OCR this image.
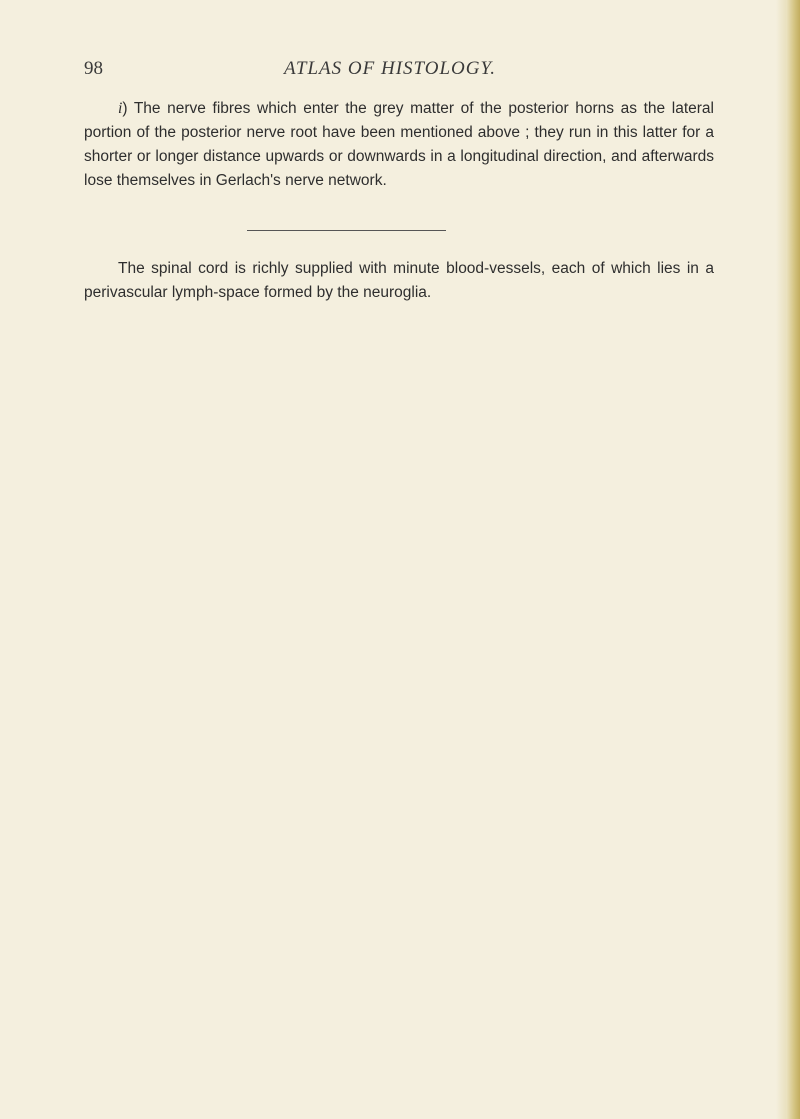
98	ATLAS OF HISTOLOGY.

i) The nerve fibres which enter the grey matter of the posterior horns as the lateral portion of the posterior nerve root have been mentioned above ; they run in this latter for a shorter or longer distance upwards or downwards in a longitudinal direction, and afterwards lose themselves in Gerlach's nerve network.

The spinal cord is richly supplied with minute blood-vessels, each of which lies in a perivascular lymph-space formed by the neuroglia.
